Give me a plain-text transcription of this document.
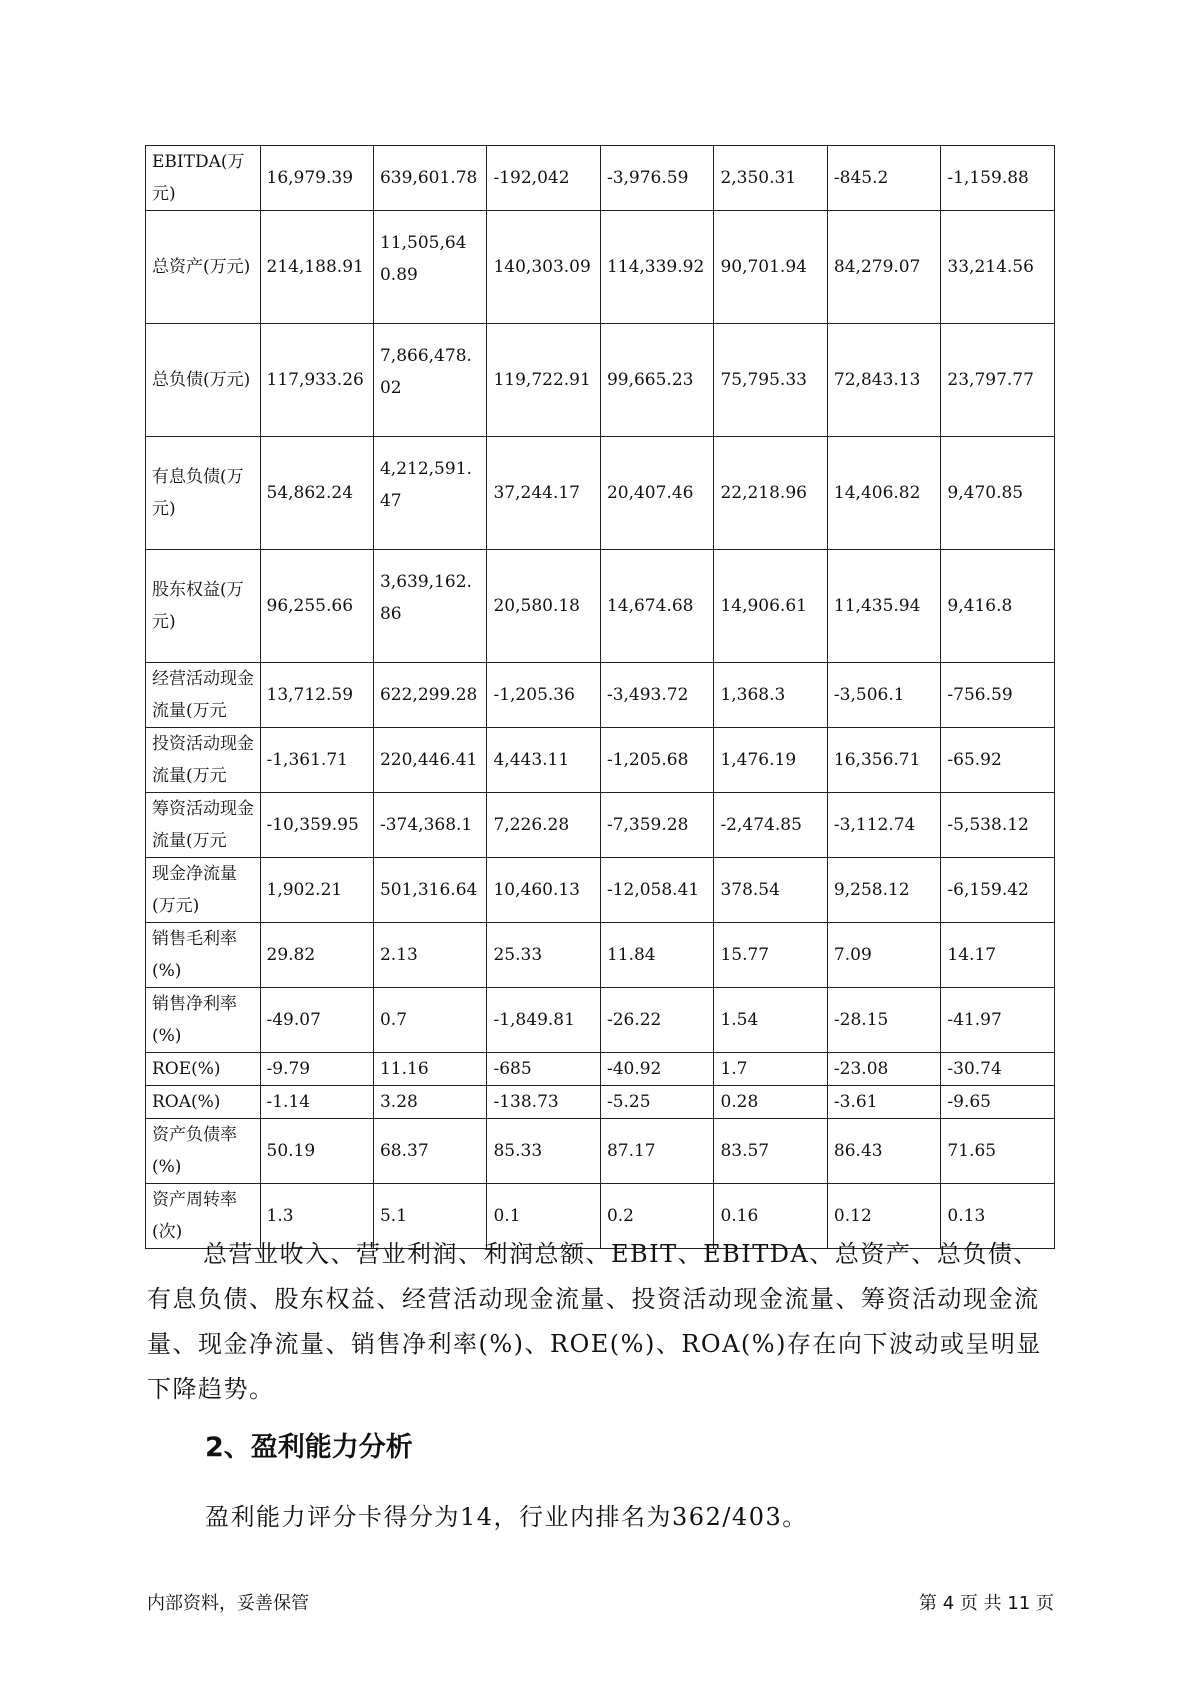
EBITDA(万元)	16,979.39	639,601.78	-192,042	-3,976.59	2,350.31	-845.2	-1,159.88
总资产(万元)	214,188.91	11,505,640.89	140,303.09	114,339.92	90,701.94	84,279.07	33,214.56
总负债(万元)	117,933.26	7,866,478.02	119,722.91	99,665.23	75,795.33	72,843.13	23,797.77
有息负债(万元)	54,862.24	4,212,591.47	37,244.17	20,407.46	22,218.96	14,406.82	9,470.85
股东权益(万元)	96,255.66	3,639,162.86	20,580.18	14,674.68	14,906.61	11,435.94	9,416.8
经营活动现金流量(万元	13,712.59	622,299.28	-1,205.36	-3,493.72	1,368.3	-3,506.1	-756.59
投资活动现金流量(万元	-1,361.71	220,446.41	4,443.11	-1,205.68	1,476.19	16,356.71	-65.92
筹资活动现金流量(万元	-10,359.95	-374,368.1	7,226.28	-7,359.28	-2,474.85	-3,112.74	-5,538.12
现金净流量(万元)	1,902.21	501,316.64	10,460.13	-12,058.41	378.54	9,258.12	-6,159.42
销售毛利率(%)	29.82	2.13	25.33	11.84	15.77	7.09	14.17
销售净利率(%)	-49.07	0.7	-1,849.81	-26.22	1.54	-28.15	-41.97
ROE(%)	-9.79	11.16	-685	-40.92	1.7	-23.08	-30.74
ROA(%)	-1.14	3.28	-138.73	-5.25	0.28	-3.61	-9.65
资产负债率(%)	50.19	68.37	85.33	87.17	83.57	86.43	71.65
资产周转率(次)	1.3	5.1	0.1	0.2	0.16	0.12	0.13
总营业收入、营业利润、利润总额、EBIT、EBITDA、总资产、总负债、有息负债、股东权益、经营活动现金流量、投资活动现金流量、筹资活动现金流量、现金净流量、销售净利率(%)、ROE(%)、ROA(%)存在向下波动或呈明显下降趋势。
2、盈利能力分析
盈利能力评分卡得分为14，行业内排名为362/403。
内部资料，妥善保管	第 4 页 共 11 页
